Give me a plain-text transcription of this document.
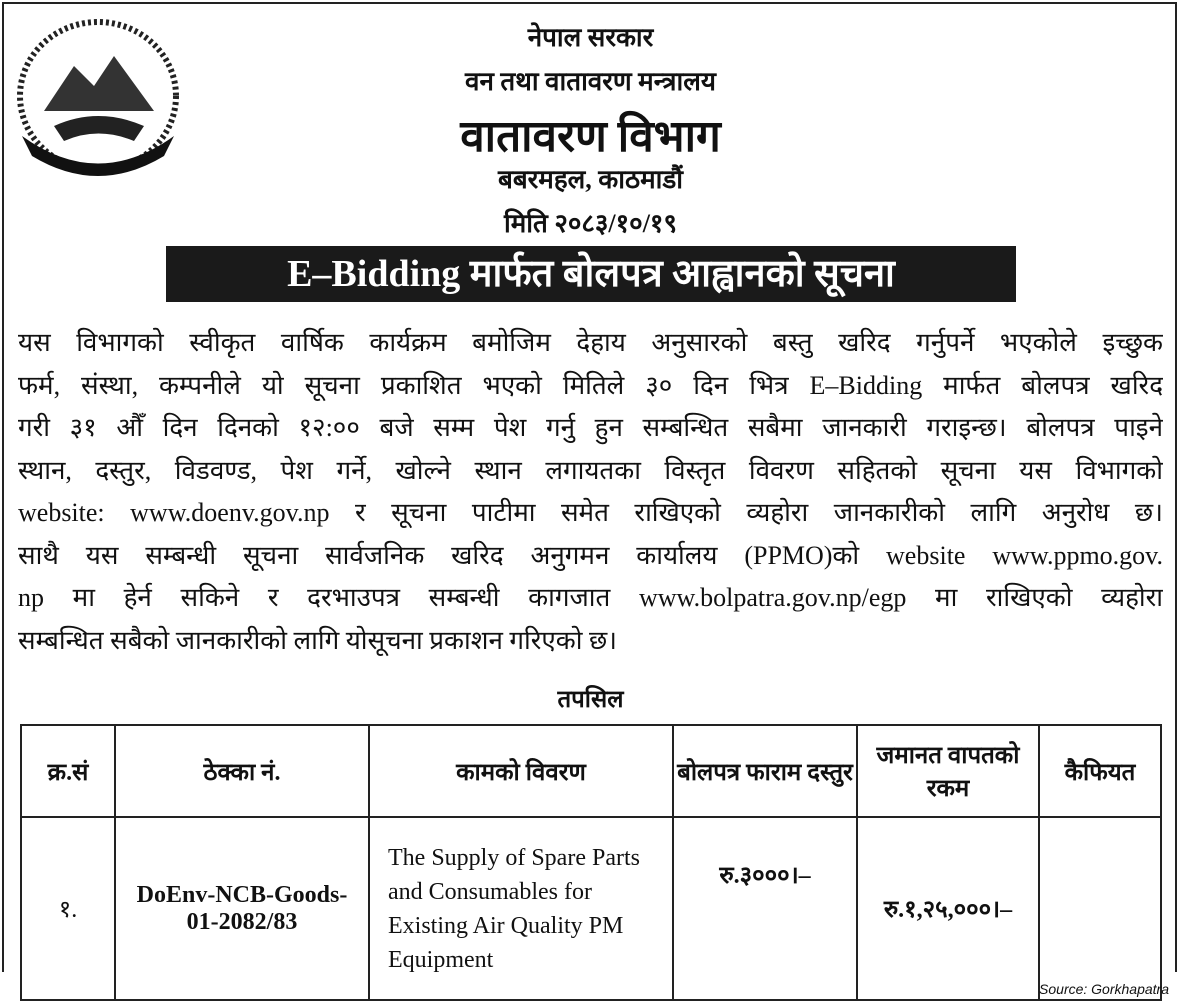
नेपाल सरकार
वन तथा वातावरण मन्त्रालय
वातावरण विभाग
बबरमहल, काठमाडौं
मिति २०८३/१०/१९
E–Bidding मार्फत बोलपत्र आह्वानको सूचना
यस विभागको स्वीकृत वार्षिक कार्यक्रम बमोजिम देहाय अनुसारको बस्तु खरिद गर्नुपर्ने भएकोले इच्छुक
फर्म, संस्था, कम्पनीले यो सूचना प्रकाशित भएको मितिले ३० दिन भित्र E–Bidding मार्फत बोलपत्र खरिद
गरी ३१ औँ दिन दिनको १२:०० बजे सम्म पेश गर्नु हुन सम्बन्धित सबैमा जानकारी गराइन्छ। बोलपत्र पाइने
स्थान, दस्तुर, विडवण्ड, पेश गर्ने, खोल्ने स्थान लगायतका विस्तृत विवरण सहितको सूचना यस विभागको
website: www.doenv.gov.np र सूचना पाटीमा समेत राखिएको व्यहोरा जानकारीको लागि अनुरोध छ।
साथै यस सम्बन्धी सूचना सार्वजनिक खरिद अनुगमन कार्यालय (PPMO)को website www.ppmo.gov.
np मा हेर्न सकिने र दरभाउपत्र सम्बन्धी कागजात www.bolpatra.gov.np/egp मा राखिएको व्यहोरा
सम्बन्धित सबैको जानकारीको लागि योसूचना प्रकाशन गरिएको छ।
तपसिल
क्र.सं	ठेक्का नं.	कामको विवरण	बोलपत्र फाराम दस्तुर	जमानत वापतको रकम	कैफियत
१.	DoEnv-NCB-Goods-01-2082/83	The Supply of Spare Parts and Consumables for Existing Air Quality PM Equipment	रु.३०००।–	रु.१,२५,०००।–	
Source: Gorkhapatra
